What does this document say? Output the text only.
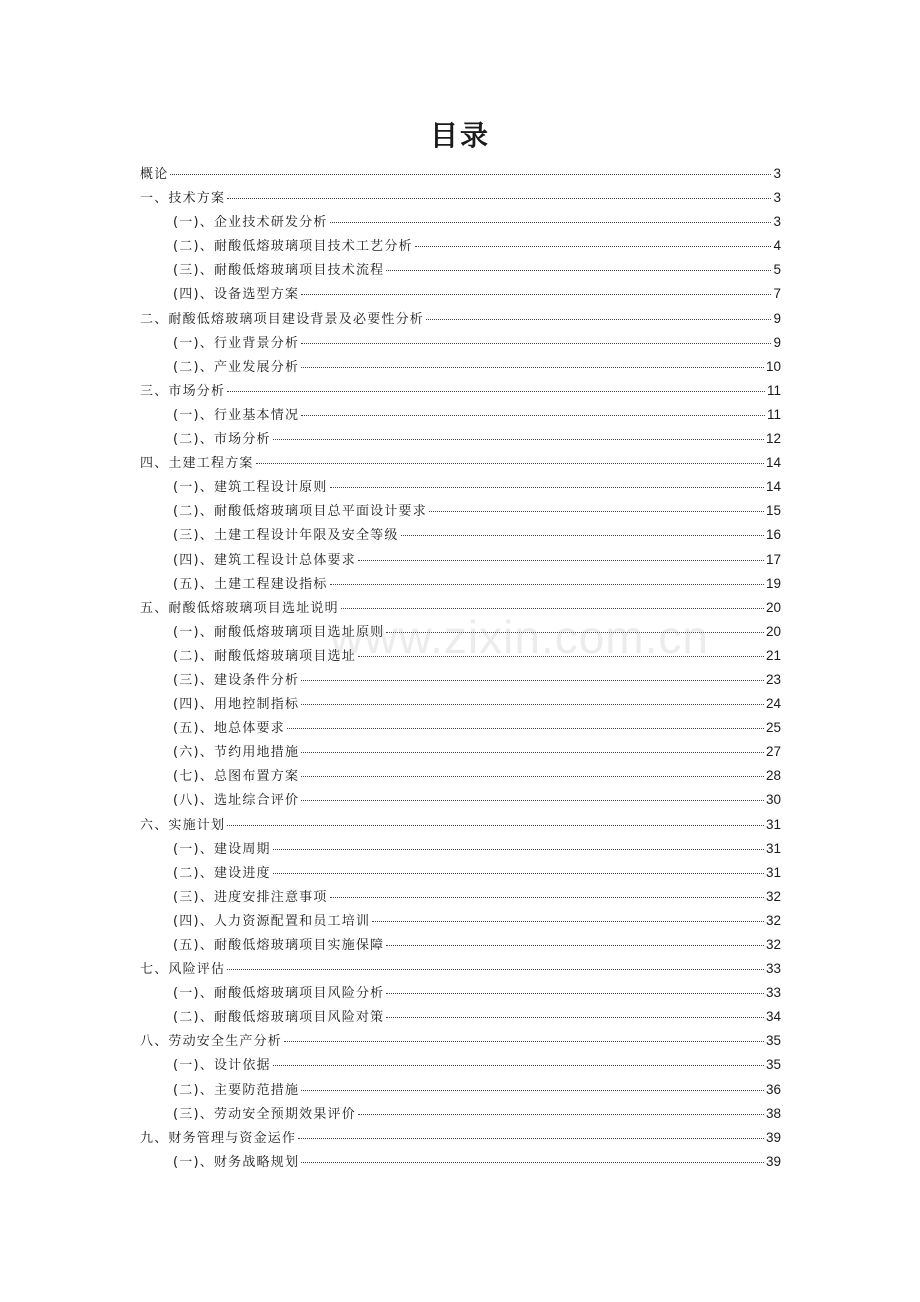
目录
概论	3
一、技术方案	3
(一)、企业技术研发分析	3
(二)、耐酸低熔玻璃项目技术工艺分析	4
(三)、耐酸低熔玻璃项目技术流程	5
(四)、设备选型方案	7
二、耐酸低熔玻璃项目建设背景及必要性分析	9
(一)、行业背景分析	9
(二)、产业发展分析	10
三、市场分析	11
(一)、行业基本情况	11
(二)、市场分析	12
四、土建工程方案	14
(一)、建筑工程设计原则	14
(二)、耐酸低熔玻璃项目总平面设计要求	15
(三)、土建工程设计年限及安全等级	16
(四)、建筑工程设计总体要求	17
(五)、土建工程建设指标	19
五、耐酸低熔玻璃项目选址说明	20
(一)、耐酸低熔玻璃项目选址原则	20
(二)、耐酸低熔玻璃项目选址	21
(三)、建设条件分析	23
(四)、用地控制指标	24
(五)、地总体要求	25
(六)、节约用地措施	27
(七)、总图布置方案	28
(八)、选址综合评价	30
六、实施计划	31
(一)、建设周期	31
(二)、建设进度	31
(三)、进度安排注意事项	32
(四)、人力资源配置和员工培训	32
(五)、耐酸低熔玻璃项目实施保障	32
七、风险评估	33
(一)、耐酸低熔玻璃项目风险分析	33
(二)、耐酸低熔玻璃项目风险对策	34
八、劳动安全生产分析	35
(一)、设计依据	35
(二)、主要防范措施	36
(三)、劳动安全预期效果评价	38
九、财务管理与资金运作	39
(一)、财务战略规划	39
www.zixin.com.cn
